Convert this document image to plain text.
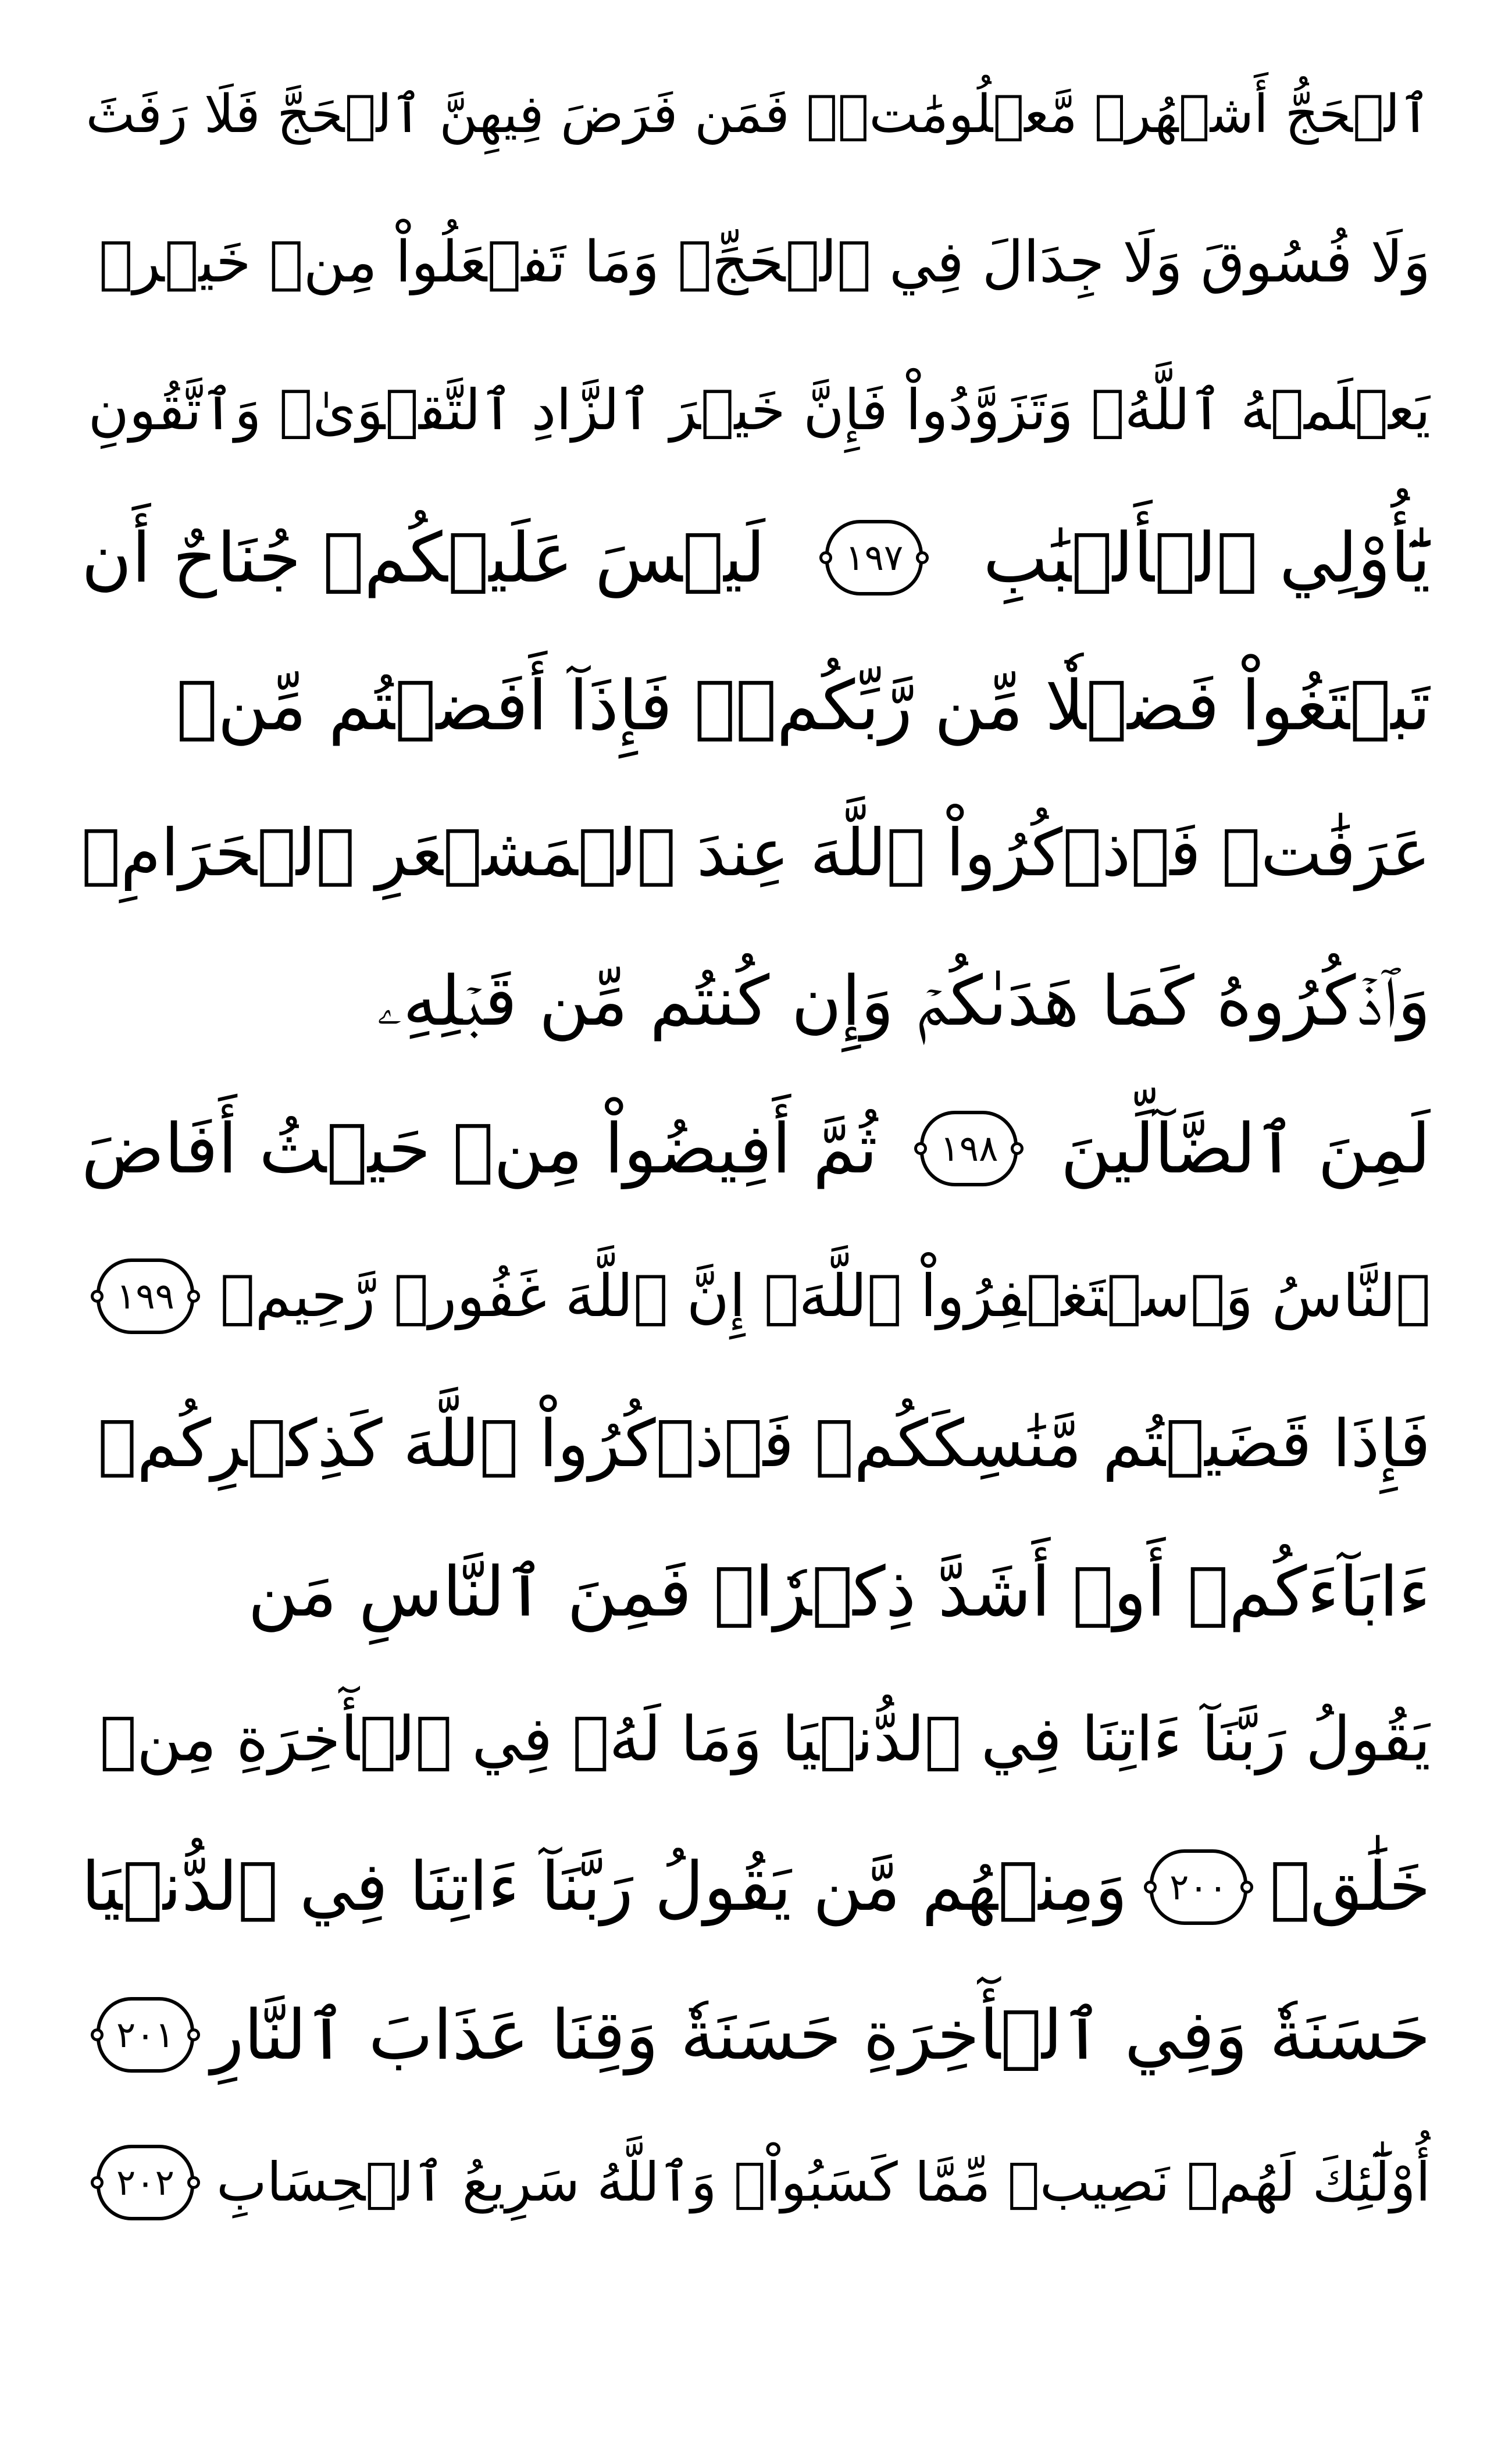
ٱلۡحَجُّ أَشۡهُرٞ مَّعۡلُومَٰتٞۚ فَمَن فَرَضَ فِيهِنَّ ٱلۡحَجَّ فَلَا رَفَثَ
وَلَا فُسُوقَ وَلَا جِدَالَ فِي ٱلۡحَجِّۗ وَمَا تَفۡعَلُواْ مِنۡ خَيۡرٖ
يَعۡلَمۡهُ ٱللَّهُۗ وَتَزَوَّدُواْ فَإِنَّ خَيۡرَ ٱلزَّادِ ٱلتَّقۡوَىٰۖ وَٱتَّقُونِ
يَٰٓأُوْلِي ٱلۡأَلۡبَٰبِ
١٩٧
لَيۡسَ عَلَيۡكُمۡ جُنَاحٌ أَن
تَبۡتَغُواْ فَضۡلٗا مِّن رَّبِّكُمۡۚ فَإِذَآ أَفَضۡتُم مِّنۡ
عَرَفَٰتٖ فَٱذۡكُرُواْ ٱللَّهَ عِندَ ٱلۡمَشۡعَرِ ٱلۡحَرَامِۖ
وَٱذۡكُرُوهُ كَمَا هَدَىٰكُمۡ وَإِن كُنتُم مِّن قَبۡلِهِۦ
لَمِنَ ٱلضَّآلِّينَ
١٩٨
ثُمَّ أَفِيضُواْ مِنۡ حَيۡثُ أَفَاضَ
ٱلنَّاسُ وَٱسۡتَغۡفِرُواْ ٱللَّهَۚ إِنَّ ٱللَّهَ غَفُورٞ رَّحِيمٞ
١٩٩
فَإِذَا قَضَيۡتُم مَّنَٰسِكَكُمۡ فَٱذۡكُرُواْ ٱللَّهَ كَذِكۡرِكُمۡ
ءَابَآءَكُمۡ أَوۡ أَشَدَّ ذِكۡرٗاۗ فَمِنَ ٱلنَّاسِ مَن
يَقُولُ رَبَّنَآ ءَاتِنَا فِي ٱلدُّنۡيَا وَمَا لَهُۥ فِي ٱلۡأٓخِرَةِ مِنۡ
خَلَٰقٖ
٢٠٠
وَمِنۡهُم مَّن يَقُولُ رَبَّنَآ ءَاتِنَا فِي ٱلدُّنۡيَا
حَسَنَةٗ وَفِي ٱلۡأٓخِرَةِ حَسَنَةٗ وَقِنَا عَذَابَ ٱلنَّارِ
٢٠١
أُوْلَٰٓئِكَ لَهُمۡ نَصِيبٞ مِّمَّا كَسَبُواْۚ وَٱللَّهُ سَرِيعُ ٱلۡحِسَابِ
٢٠٢
